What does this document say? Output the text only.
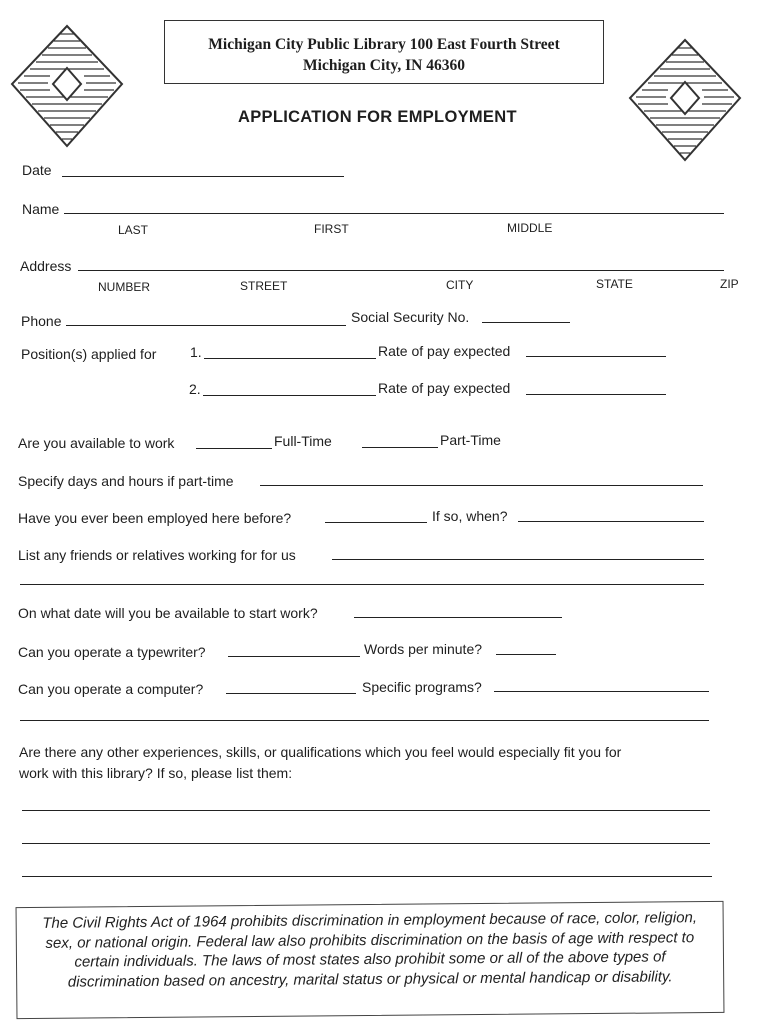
Michigan City Public Library 100 East Fourth Street
Michigan City, IN 46360
APPLICATION FOR EMPLOYMENT
Date
Name
LAST	FIRST	MIDDLE
Address
NUMBER	STREET	CITY	STATE	ZIP
Phone	Social Security No.
Position(s) applied for 1.	Rate of pay expected
2.	Rate of pay expected
Are you available to work	Full-Time	Part-Time
Specify days and hours if part-time
Have you ever been employed here before?	If so, when?
List any friends or relatives working for for us
On what date will you be available to start work?
Can you operate a typewriter?	Words per minute?
Can you operate a computer?	Specific programs?
Are there any other experiences, skills, or qualifications which you feel would especially fit you for
work with this library? If so, please list them:
The Civil Rights Act of 1964 prohibits discrimination in employment because of race, color, religion, sex, or national origin. Federal law also prohibits discrimination on the basis of age with respect to certain individuals. The laws of most states also prohibit some or all of the above types of discrimination based on ancestry, marital status or physical or mental handicap or disability.
